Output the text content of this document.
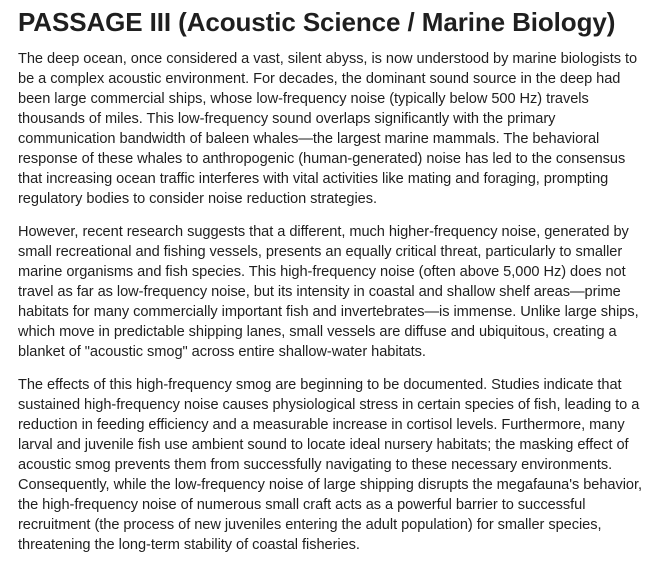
PASSAGE III (Acoustic Science / Marine Biology)

The deep ocean, once considered a vast, silent abyss, is now understood by marine biologists to be a complex acoustic environment. For decades, the dominant sound source in the deep had been large commercial ships, whose low-frequency noise (typically below 500 Hz) travels thousands of miles. This low-frequency sound overlaps significantly with the primary communication bandwidth of baleen whales—the largest marine mammals. The behavioral response of these whales to anthropogenic (human-generated) noise has led to the consensus that increasing ocean traffic interferes with vital activities like mating and foraging, prompting regulatory bodies to consider noise reduction strategies.

However, recent research suggests that a different, much higher-frequency noise, generated by small recreational and fishing vessels, presents an equally critical threat, particularly to smaller marine organisms and fish species. This high-frequency noise (often above 5,000 Hz) does not travel as far as low-frequency noise, but its intensity in coastal and shallow shelf areas—prime habitats for many commercially important fish and invertebrates—is immense. Unlike large ships, which move in predictable shipping lanes, small vessels are diffuse and ubiquitous, creating a blanket of "acoustic smog" across entire shallow-water habitats.

The effects of this high-frequency smog are beginning to be documented. Studies indicate that sustained high-frequency noise causes physiological stress in certain species of fish, leading to a reduction in feeding efficiency and a measurable increase in cortisol levels. Furthermore, many larval and juvenile fish use ambient sound to locate ideal nursery habitats; the masking effect of acoustic smog prevents them from successfully navigating to these necessary environments. Consequently, while the low-frequency noise of large shipping disrupts the megafauna's behavior, the high-frequency noise of numerous small craft acts as a powerful barrier to successful recruitment (the process of new juveniles entering the adult population) for smaller species, threatening the long-term stability of coastal fisheries.
